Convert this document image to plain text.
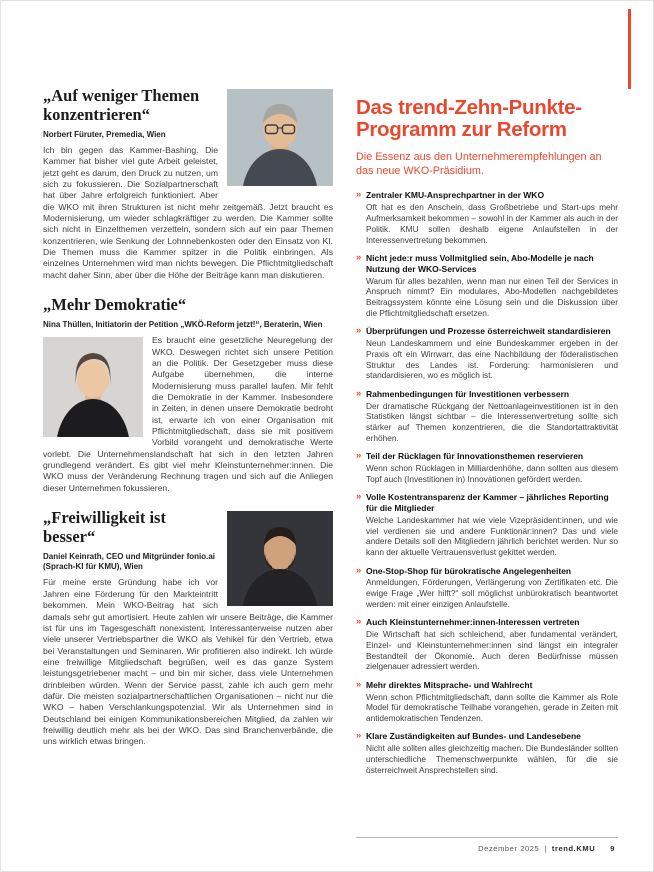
„Auf weniger Themen konzentrieren“

Norbert Füruter, Premedia, Wien

Ich bin gegen das Kammer-Bashing. Die Kammer hat bisher viel gute Arbeit geleistet, jetzt geht es darum, den Druck zu nutzen, um sich zu fokussieren. Die Sozialpartnerschaft hat über Jahre erfolgreich funktioniert. Aber die WKO mit ihren Strukturen ist nicht mehr zeitgemäß. Jetzt braucht es Modernisierung, um wieder schlagkräftiger zu werden. Die Kammer sollte sich nicht in Einzelthemen verzetteln, sondern sich auf ein paar Themen konzentrieren, wie Senkung der Lohnnebenkosten oder den Einsatz von KI. Die Themen muss die Kammer spitzer in die Politik einbringen. Als einzelnes Unternehmen wird man nichts bewegen. Die Pflichtmitgliedschaft macht daher Sinn, aber über die Höhe der Beiträge kann man diskutieren.

„Mehr Demokratie“

Nina Thüllen, Initiatorin der Petition „WKÖ-Reform jetzt!“, Beraterin, Wien

Es braucht eine gesetzliche Neuregelung der WKO. Deswegen richtet sich unsere Petition an die Politik. Der Gesetzgeber muss diese Aufgabe übernehmen, die interne Modernisierung muss parallel laufen. Mir fehlt die Demokratie in der Kammer. Insbesondere in Zeiten, in denen unsere Demokratie bedroht ist, erwarte ich von einer Organisation mit Pflichtmitgliedschaft, dass sie mit positivem Vorbild vorangeht und demokratische Werte vorlebt. Die Unternehmenslandschaft hat sich in den letzten Jahren grundlegend verändert. Es gibt viel mehr Kleinstunternehmer:innen. Die WKO muss der Veränderung Rechnung tragen und sich auf die Anliegen dieser Unternehmen fokussieren.

„Freiwilligkeit ist besser“

Daniel Keinrath, CEO und Mitgründer fonio.ai (Sprach-KI für KMU), Wien

Für meine erste Gründung habe ich vor Jahren eine Förderung für den Markteintritt bekommen. Mein WKO-Beitrag hat sich damals sehr gut amortisiert. Heute zahlen wir unsere Beiträge, die Kammer ist für uns im Tagesgeschäft nonexistent. Interessanterweise nutzen aber viele unserer Vertriebspartner die WKO als Vehikel für den Vertrieb, etwa bei Veranstaltungen und Seminaren. Wir profitieren also indirekt. Ich würde eine freiwillige Mitgliedschaft begrüßen, weil es das ganze System leistungsgetriebener macht – und bin mir sicher, dass viele Unternehmen drinbleiben würden. Wenn der Service passt, zahle ich auch gern mehr dafür. Die meisten sozialpartnerschaftlichen Organisationen – nicht nur die WKO – haben Verschlankungspotenzial. Wir als Unternehmen sind in Deutschland bei einigen Kommunikationsbereichen Mitglied, da zahlen wir freiwillig deutlich mehr als bei der WKO. Das sind Branchenverbände, die uns wirklich etwas bringen.

Das trend-Zehn-Punkte-Programm zur Reform

Die Essenz aus den Unternehmerempfehlungen an das neue WKO-Präsidium.

» Zentraler KMU-Ansprechpartner in der WKO

Oft hat es den Anschein, dass Großbetriebe und Start-ups mehr Aufmerksamkeit bekommen – sowohl in der Kammer als auch in der Politik. KMU sollen deshalb eigene Anlaufstellen in der Interessenvertretung bekommen.

» Nicht jede:r muss Vollmitglied sein, Abo-Modelle je nach Nutzung der WKO-Services

Warum für alles bezahlen, wenn man nur einen Teil der Services in Anspruch nimmt? Ein modulares, Abo-Modellen nachgebildetes Beitragssystem könnte eine Lösung sein und die Diskussion über die Pflichtmitgliedschaft ersetzen.

» Überprüfungen und Prozesse österreichweit standardisieren

Neun Landeskammern und eine Bundeskammer ergeben in der Praxis oft ein Wirrwarr, das eine Nachbildung der föderalistischen Struktur des Landes ist. Forderung: harmonisieren und standardisieren, wo es möglich ist.

» Rahmenbedingungen für Investitionen verbessern

Der dramatische Rückgang der Nettoanlageinvestitionen ist in den Statistiken längst sichtbar – die Interessenvertretung sollte sich stärker auf Themen konzentrieren, die die Standortattraktivität erhöhen.

» Teil der Rücklagen für Innovationsthemen reservieren

Wenn schon Rücklagen in Milliardenhöhe, dann sollten aus diesem Topf auch (Investitionen in) Innovationen gefördert werden.

» Volle Kostentransparenz der Kammer – jährliches Reporting für die Mitglieder

Welche Landeskammer hat wie viele Vizepräsident:innen, und wie viel verdienen sie und andere Funktionär:innen? Das und viele andere Details soll den Mitgliedern jährlich berichtet werden. Nur so kann der aktuelle Vertrauensverlust gekittet werden.

» One-Stop-Shop für bürokratische Angelegenheiten

Anmeldungen, Förderungen, Verlängerung von Zertifikaten etc. Die ewige Frage „Wer hilft?“ soll möglichst unbürokratisch beantwortet werden: mit einer einzigen Anlaufstelle.

» Auch Kleinstunternehmer:innen-Interessen vertreten

Die Wirtschaft hat sich schleichend, aber fundamental verändert, Einzel- und Kleinstunternehmer:innen sind längst ein integraler Bestandteil der Ökonomie. Auch deren Bedürfnisse müssen zielgenauer adressiert werden.

» Mehr direktes Mitsprache- und Wahlrecht

Wenn schon Pflichtmitgliedschaft, dann sollte die Kammer als Role Model für demokratische Teilhabe vorangehen, gerade in Zeiten mit antidemokratischen Tendenzen.

» Klare Zuständigkeiten auf Bundes- und Landesebene

Nicht alle sollten alles gleichzeitig machen. Die Bundesländer sollten unterschiedliche Themenschwerpunkte wählen, für die sie österreichweit Ansprechstellen sind.

Dezember 2025 | trend.KMU 9
